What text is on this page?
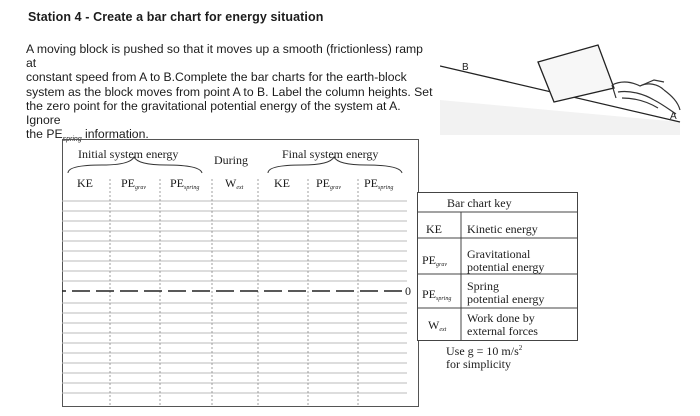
Station 4 - Create a bar chart for energy situation
A moving block is pushed so that it moves up a smooth (frictionless) ramp at
constant speed from A to B.Complete the bar charts for the earth-block
system as the block moves from point A to B. Label the column heights. Set
the zero point for the gravitational potential energy of the system at A. Ignore
the $PE_{spring}$ information.
B
A
Initial system energy	During	Final system energy
KE $PE_{grav}$ $PE_{spring}$ $W_{ext}$	KE $PE_{grav}$ $PE_{spring}$
0
Bar chart key
KE Kinetic energy
$PE_{grav}$
Gravitational
potential energy
$PE_{spring}$
Spring
potential energy
$W_{ext}$
Work done by
external forces
Use g = 10 $m/s^2$
for simplicity
